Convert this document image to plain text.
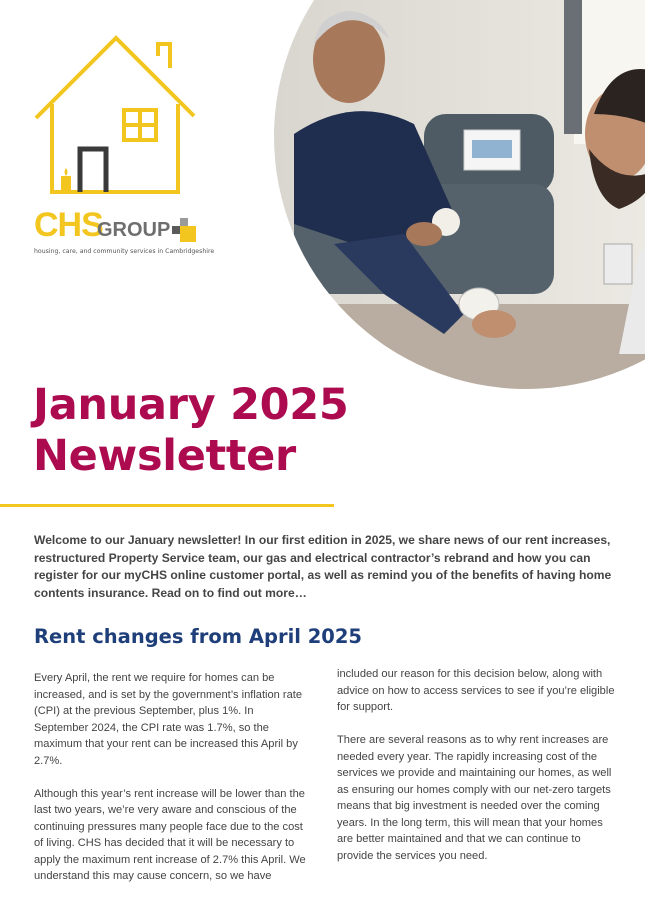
CHS
GROUP
housing, care, and community services in Cambridgeshire
January 2025
Newsletter

Welcome to our January newsletter! In our first edition in 2025, we share news of our rent increases, restructured Property Service team, our gas and electrical contractor’s rebrand and how you can register for our myCHS online customer portal, as well as remind you of the benefits of having home contents insurance. Read on to find out more…

Rent changes from April 2025

Every April, the rent we require for homes can be increased, and is set by the government’s inflation rate (CPI) at the previous September, plus 1%. In September 2024, the CPI rate was 1.7%, so the maximum that your rent can be increased this April by 2.7%.

Although this year’s rent increase will be lower than the last two years, we’re very aware and conscious of the continuing pressures many people face due to the cost of living. CHS has decided that it will be necessary to apply the maximum rent increase of 2.7% this April. We understand this may cause concern, so we have

included our reason for this decision below, along with advice on how to access services to see if you’re eligible for support.

There are several reasons as to why rent increases are needed every year. The rapidly increasing cost of the services we provide and maintaining our homes, as well as ensuring our homes comply with our net-zero targets means that big investment is needed over the coming years. In the long term, this will mean that your homes are better maintained and that we can continue to provide the services you need.
